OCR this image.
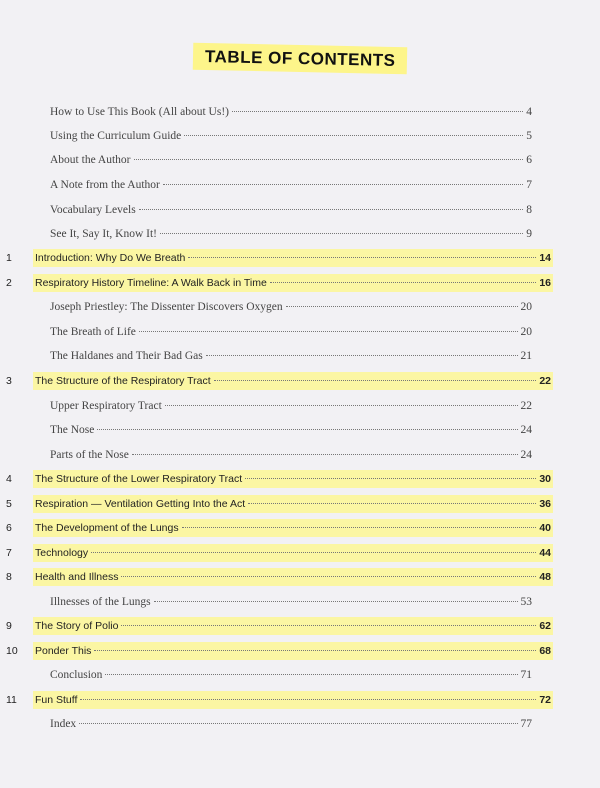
TABLE OF CONTENTS
How to Use This Book (All about Us!)	4
Using the Curriculum Guide	5
About the Author	6
A Note from the Author	7
Vocabulary Levels	8
See It, Say It, Know It!	9
1	Introduction: Why Do We Breath	14
2	Respiratory History Timeline: A Walk Back in Time	16
Joseph Priestley: The Dissenter Discovers Oxygen	20
The Breath of Life	20
The Haldanes and Their Bad Gas	21
3	The Structure of the Respiratory Tract	22
Upper Respiratory Tract	22
The Nose	24
Parts of the Nose	24
4	The Structure of the Lower Respiratory Tract	30
5	Respiration — Ventilation Getting Into the Act	36
6	The Development of the Lungs	40
7	Technology	44
8	Health and Illness	48
Illnesses of the Lungs	53
9	The Story of Polio	62
10	Ponder This	68
Conclusion	71
11	Fun Stuff	72
Index	77
